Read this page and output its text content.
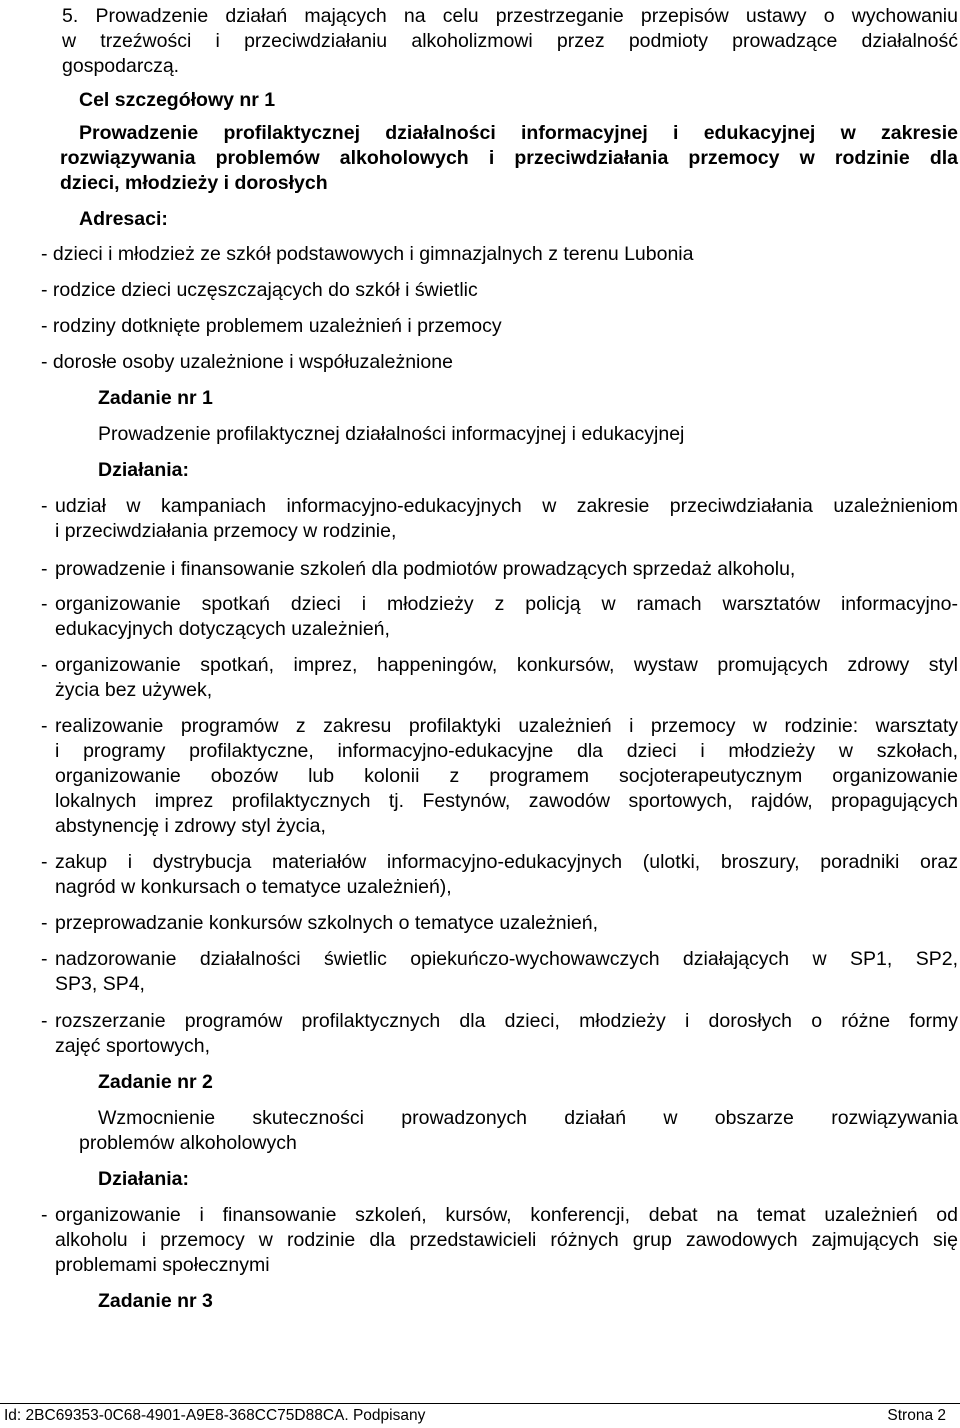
5. Prowadzenie działań mających na celu przestrzeganie przepisów ustawy o wychowaniu
w trzeźwości i przeciwdziałaniu alkoholizmowi przez podmioty prowadzące działalność
gospodarczą.
Cel szczegółowy nr 1
Prowadzenie profilaktycznej działalności informacyjnej i edukacyjnej w zakresie
rozwiązywania problemów alkoholowych i przeciwdziałania przemocy w rodzinie dla
dzieci, młodzieży i dorosłych
Adresaci:
- dzieci i młodzież ze szkół podstawowych i gimnazjalnych z terenu Lubonia
- rodzice dzieci uczęszczających do szkół i świetlic
- rodziny dotknięte problemem uzależnień i przemocy
- dorosłe osoby uzależnione i współuzależnione
Zadanie nr 1
Prowadzenie profilaktycznej działalności informacyjnej i edukacyjnej
Działania:
- udział w kampaniach informacyjno-edukacyjnych w zakresie przeciwdziałania uzależnieniom
i przeciwdziałania przemocy w rodzinie,
- prowadzenie i finansowanie szkoleń dla podmiotów prowadzących sprzedaż alkoholu,
- organizowanie spotkań dzieci i młodzieży z policją w ramach warsztatów informacyjno-
edukacyjnych dotyczących uzależnień,
- organizowanie spotkań, imprez, happeningów, konkursów, wystaw promujących zdrowy styl
życia bez używek,
- realizowanie programów z zakresu profilaktyki uzależnień i przemocy w rodzinie: warsztaty
i programy profilaktyczne, informacyjno-edukacyjne dla dzieci i młodzieży w szkołach,
organizowanie obozów lub kolonii z programem socjoterapeutycznym organizowanie
lokalnych imprez profilaktycznych tj. Festynów, zawodów sportowych, rajdów, propagujących
abstynencję i zdrowy styl życia,
- zakup i dystrybucja materiałów informacyjno-edukacyjnych (ulotki, broszury, poradniki oraz
nagród w konkursach o tematyce uzależnień),
- przeprowadzanie konkursów szkolnych o tematyce uzależnień,
- nadzorowanie działalności świetlic opiekuńczo-wychowawczych działających w SP1, SP2,
SP3, SP4,
- rozszerzanie programów profilaktycznych dla dzieci, młodzieży i dorosłych o różne formy
zajęć sportowych,
Zadanie nr 2
Wzmocnienie skuteczności prowadzonych działań w obszarze rozwiązywania
problemów alkoholowych
Działania:
- organizowanie i finansowanie szkoleń, kursów, konferencji, debat na temat uzależnień od
alkoholu i przemocy w rodzinie dla przedstawicieli różnych grup zawodowych zajmujących się
problemami społecznymi
Zadanie nr 3
Id: 2BC69353-0C68-4901-A9E8-368CC75D88CA. Podpisany	Strona 2
